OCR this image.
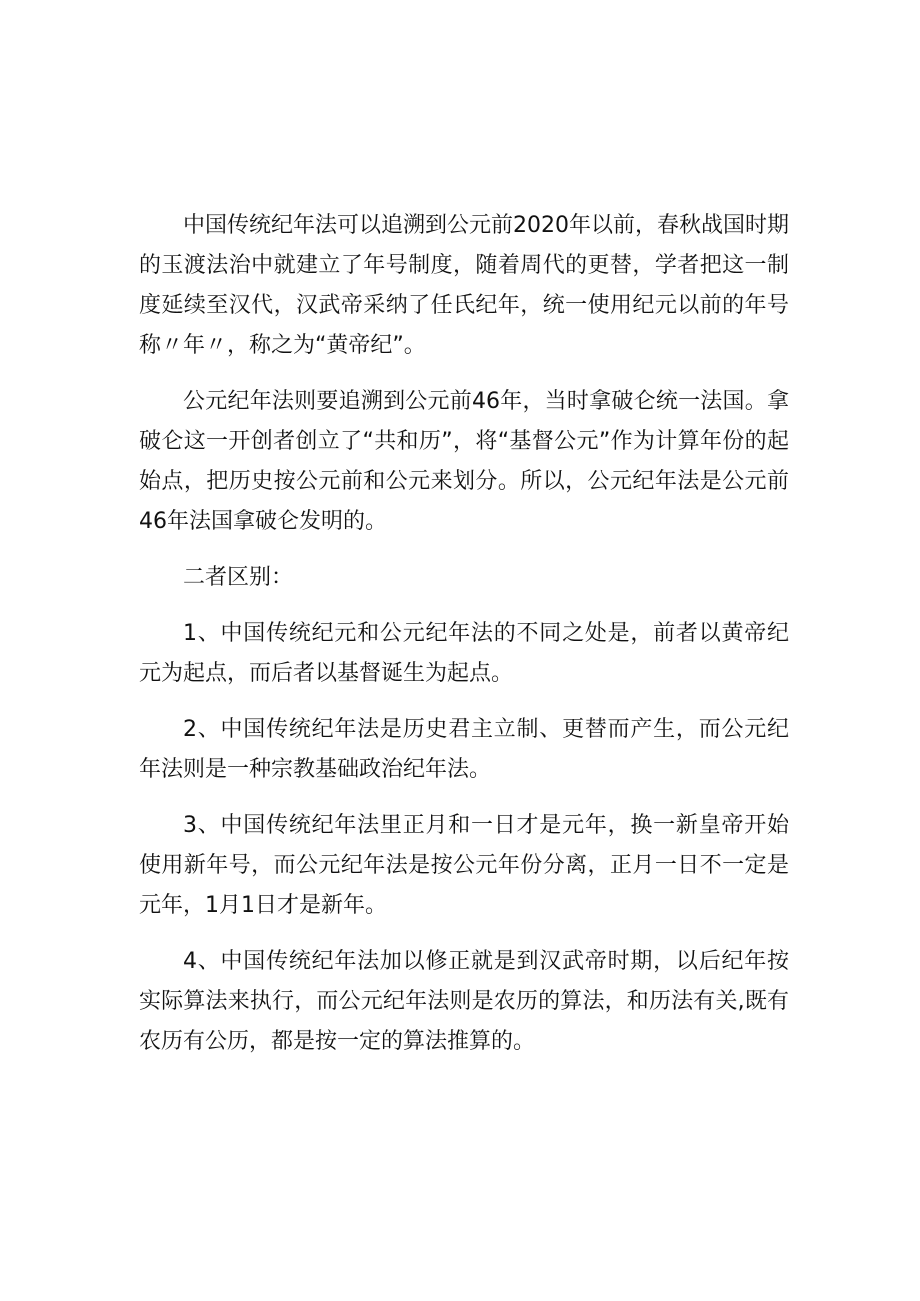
中国传统纪年法可以追溯到公元前2020年以前，春秋战国时期的玉渡法治中就建立了年号制度，随着周代的更替，学者把这一制度延续至汉代，汉武帝采纳了任氏纪年，统一使用纪元以前的年号称〃年〃，称之为“黄帝纪”。

公元纪年法则要追溯到公元前46年，当时拿破仑统一法国。拿破仑这一开创者创立了“共和历”，将“基督公元”作为计算年份的起始点，把历史按公元前和公元来划分。所以，公元纪年法是公元前46年法国拿破仑发明的。

二者区别：

1、中国传统纪元和公元纪年法的不同之处是，前者以黄帝纪元为起点，而后者以基督诞生为起点。

2、中国传统纪年法是历史君主立制、更替而产生，而公元纪年法则是一种宗教基础政治纪年法。

3、中国传统纪年法里正月和一日才是元年，换一新皇帝开始使用新年号，而公元纪年法是按公元年份分离，正月一日不一定是元年，1月1日才是新年。

4、中国传统纪年法加以修正就是到汉武帝时期，以后纪年按实际算法来执行，而公元纪年法则是农历的算法，和历法有关,既有农历有公历，都是按一定的算法推算的。
